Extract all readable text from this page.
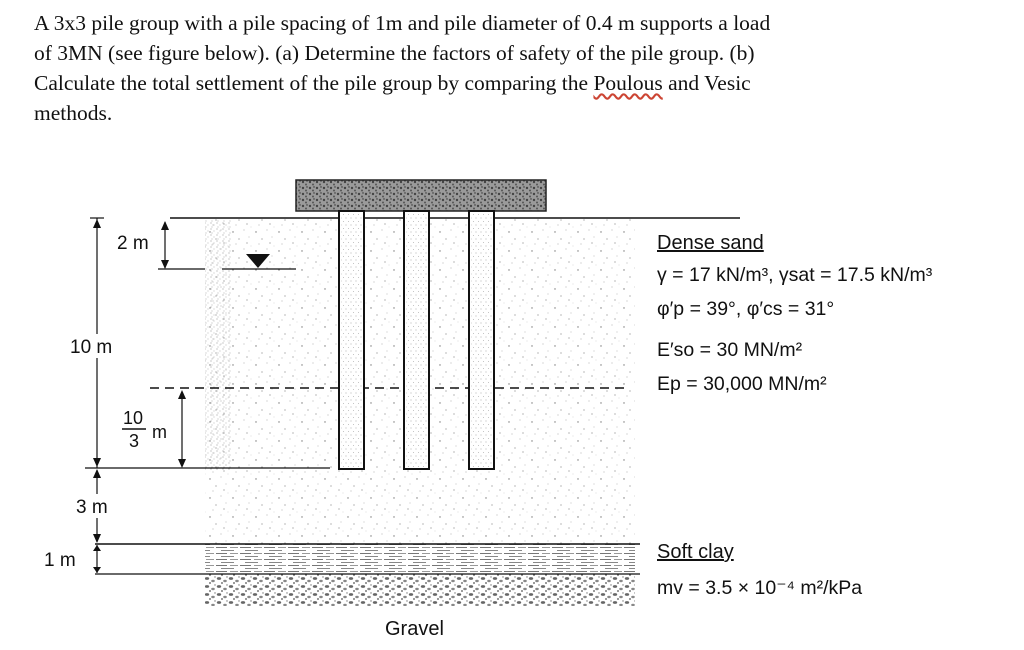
A 3x3 pile group with a pile spacing of 1m and pile diameter of 0.4 m supports a load
of 3MN (see figure below). (a) Determine the factors of safety of the pile group. (b)
Calculate the total settlement of the pile group by comparing the Poulous and Vesic
methods.
10 m
2 m
10
3 m
3 m
1 m
Dense sand
γ = 17 kN/m³, γsat = 17.5 kN/m³
φ′p = 39°, φ′cs = 31°
E′so = 30 MN/m²
Ep = 30,000 MN/m²
Soft clay
mv = 3.5 × 10⁻⁴ m²/kPa
Gravel
